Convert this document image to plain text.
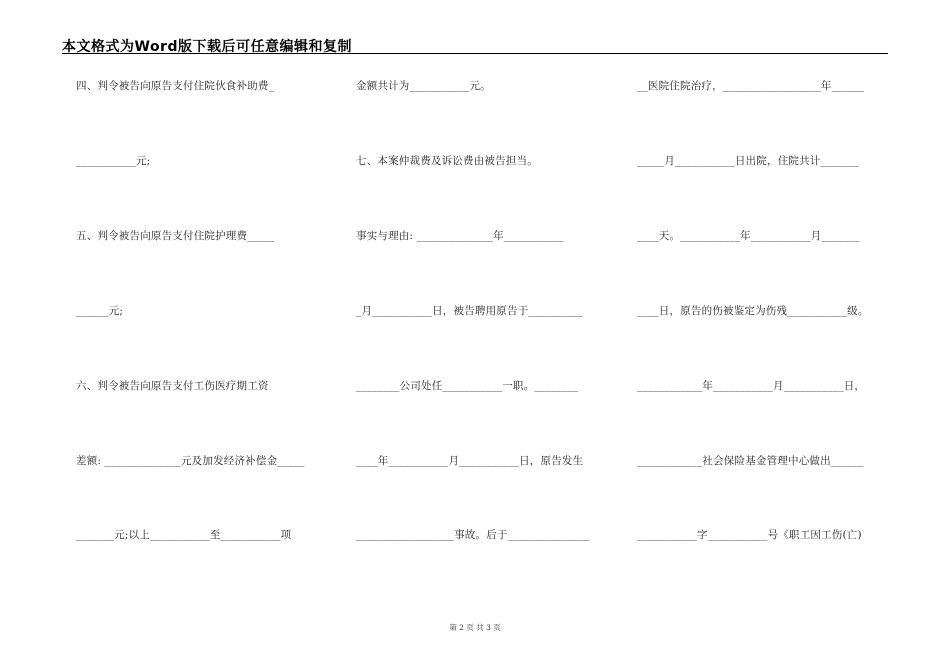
本文格式为Word版下载后可任意编辑和复制
四、判令被告向原告支付住院伙食补助费_
___________元;
五、判令被告向原告支付住院护理费_____
______元;
六、判令被告向原告支付工伤医疗期工资
差额: ______________元及加发经济补偿金_____
_______元;以上___________至___________项
金额共计为___________元。
七、本案仲裁费及诉讼费由被告担当。
事实与理由: ______________年___________
_月___________日，被告聘用原告于__________
________公司处任___________一职。________
____年___________月___________日，原告发生
__________________事故。后于_______________
__医院住院治疗，__________________年______
_____月___________日出院，住院共计_______
____天。___________年___________月_______
____日，原告的伤被鉴定为伤残___________级。
____________年___________月___________日，
____________社会保险基金管理中心做出______
___________字___________号《职工因工伤(亡)
第 2 页 共 3 页
